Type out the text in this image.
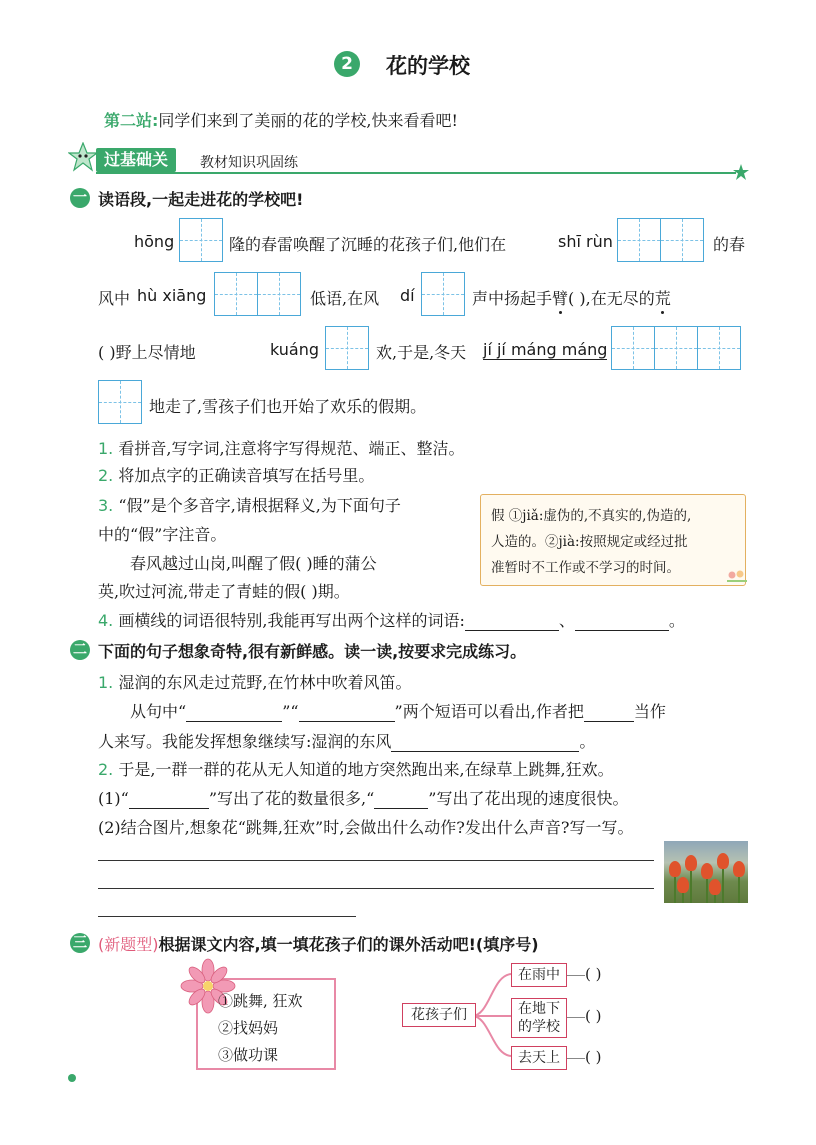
2	花的学校
第二站:同学们来到了美丽的花的学校,快来看看吧!
过基础关	教材知识巩固练
一 读语段,一起走进花的学校吧!
hōng	隆的春雷唤醒了沉睡的花孩子们,他们在	shī rùn	的春
风中 hù xiāng	低语,在风 dí	声中扬起手臂( ),在无尽的荒
( )野上尽情地	kuáng	欢,于是,冬天 jí jí máng máng
地走了,雪孩子们也开始了欢乐的假期。
1. 看拼音,写字词,注意将字写得规范、端正、整洁。
2. 将加点字的正确读音填写在括号里。
3. “假”是个多音字,请根据释义,为下面句子
中的“假”字注音。
春风越过山岗,叫醒了假( )睡的蒲公
英,吹过河流,带走了青蛙的假( )期。
假 ①jiǎ:虚伪的,不真实的,伪造的,
人造的。②jià:按照规定或经过批
准暂时不工作或不学习的时间。
4. 画横线的词语很特别,我能再写出两个这样的词语:	、	。
二 下面的句子想象奇特,很有新鲜感。读一读,按要求完成练习。
1. 湿润的东风走过荒野,在竹林中吹着风笛。
从句中“	”“	”两个短语可以看出,作者把	当作
人来写。我能发挥想象继续写:湿润的东风	。
2. 于是,一群一群的花从无人知道的地方突然跑出来,在绿草上跳舞,狂欢。
(1)“	”写出了花的数量很多,“	”写出了花出现的速度很快。
(2)结合图片,想象花“跳舞,狂欢”时,会做出什么动作?发出什么声音?写一写。
三 (新题型)根据课文内容,填一填花孩子们的课外活动吧!(填序号)
①跳舞, 狂欢
②找妈妈
③做功课
花孩子们
在雨中
在地下的学校
去天上
( )
( )
( )
